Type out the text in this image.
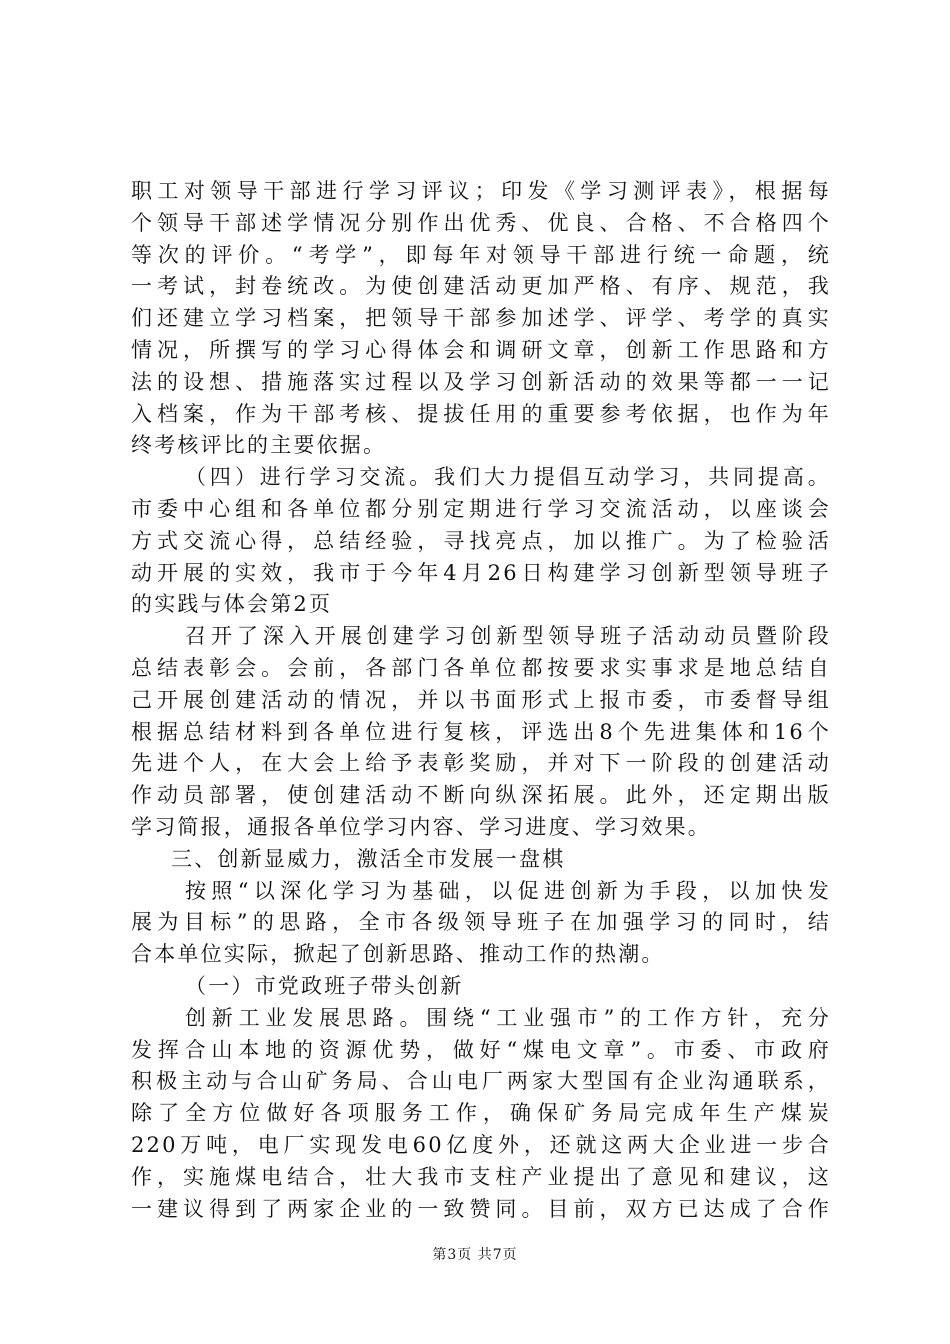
职工对领导干部进行学习评议；印发《学习测评表》，根据每
个领导干部述学情况分别作出优秀、优良、合格、不合格四个
等次的评价。“考学”，即每年对领导干部进行统一命题，统
一考试，封卷统改。为使创建活动更加严格、有序、规范，我
们还建立学习档案，把领导干部参加述学、评学、考学的真实
情况，所撰写的学习心得体会和调研文章，创新工作思路和方
法的设想、措施落实过程以及学习创新活动的效果等都一一记
入档案，作为干部考核、提拔任用的重要参考依据，也作为年
终考核评比的主要依据。
（四）进行学习交流。我们大力提倡互动学习，共同提高。
市委中心组和各单位都分别定期进行学习交流活动，以座谈会
方式交流心得，总结经验，寻找亮点，加以推广。为了检验活
动开展的实效，我市于今年4月26日构建学习创新型领导班子
的实践与体会第2页
召开了深入开展创建学习创新型领导班子活动动员暨阶段
总结表彰会。会前，各部门各单位都按要求实事求是地总结自
己开展创建活动的情况，并以书面形式上报市委，市委督导组
根据总结材料到各单位进行复核，评选出8个先进集体和16个
先进个人，在大会上给予表彰奖励，并对下一阶段的创建活动
作动员部署，使创建活动不断向纵深拓展。此外，还定期出版
学习简报，通报各单位学习内容、学习进度、学习效果。
三、创新显威力，激活全市发展一盘棋
按照“以深化学习为基础，以促进创新为手段，以加快发
展为目标”的思路，全市各级领导班子在加强学习的同时，结
合本单位实际，掀起了创新思路、推动工作的热潮。
（一）市党政班子带头创新
创新工业发展思路。围绕“工业强市”的工作方针，充分
发挥合山本地的资源优势，做好“煤电文章”。市委、市政府
积极主动与合山矿务局、合山电厂两家大型国有企业沟通联系，
除了全方位做好各项服务工作，确保矿务局完成年生产煤炭
220万吨，电厂实现发电60亿度外，还就这两大企业进一步合
作，实施煤电结合，壮大我市支柱产业提出了意见和建议，这
一建议得到了两家企业的一致赞同。目前，双方已达成了合作
第3页 共7页
